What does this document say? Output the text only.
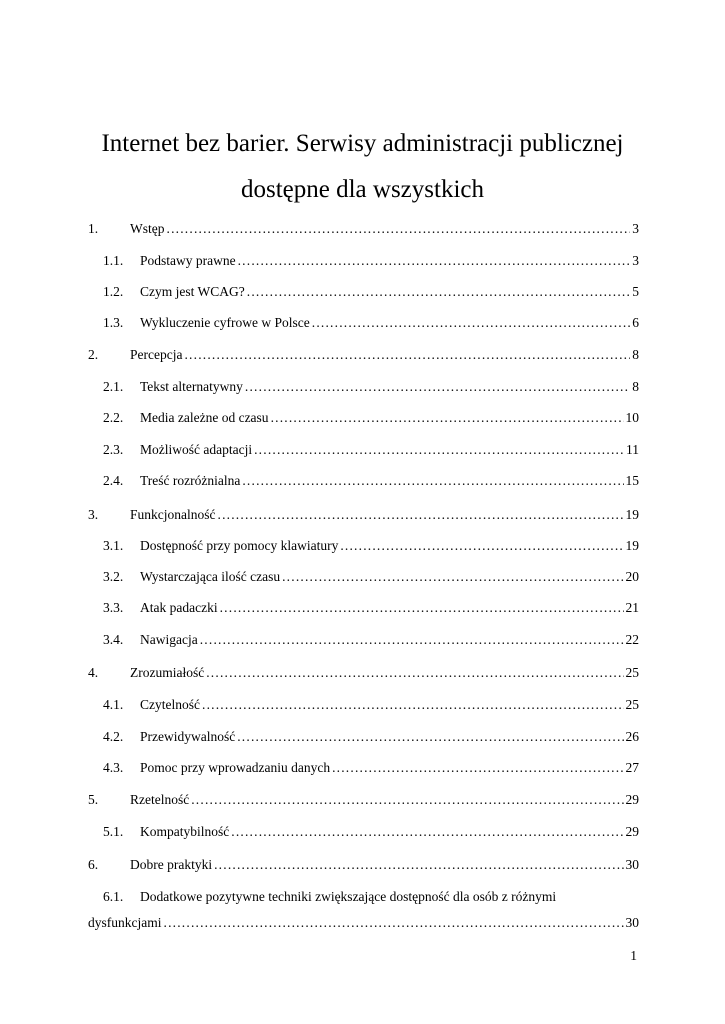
Internet bez barier. Serwisy administracji publicznej dostępne dla wszystkich
1.	Wstęp .....	3
1.1.	Podstawy prawne .....	3
1.2.	Czym jest WCAG? .....	5
1.3.	Wykluczenie cyfrowe w Polsce .....	6
2.	Percepcja .....	8
2.1.	Tekst alternatywny .....	8
2.2.	Media zależne od czasu .....	10
2.3.	Możliwość adaptacji .....	11
2.4.	Treść rozróżnialna .....	15
3.	Funkcjonalność .....	19
3.1.	Dostępność przy pomocy klawiatury .....	19
3.2.	Wystarczająca ilość czasu .....	20
3.3.	Atak padaczki .....	21
3.4.	Nawigacja .....	22
4.	Zrozumiałość .....	25
4.1.	Czytelność .....	25
4.2.	Przewidywalność .....	26
4.3.	Pomoc przy wprowadzaniu danych .....	27
5.	Rzetelność .....	29
5.1.	Kompatybilność .....	29
6.	Dobre praktyki .....	30
6.1. Dodatkowe pozytywne techniki zwiększające dostępność dla osób z różnymi
dysfunkcjami .....	30
1
